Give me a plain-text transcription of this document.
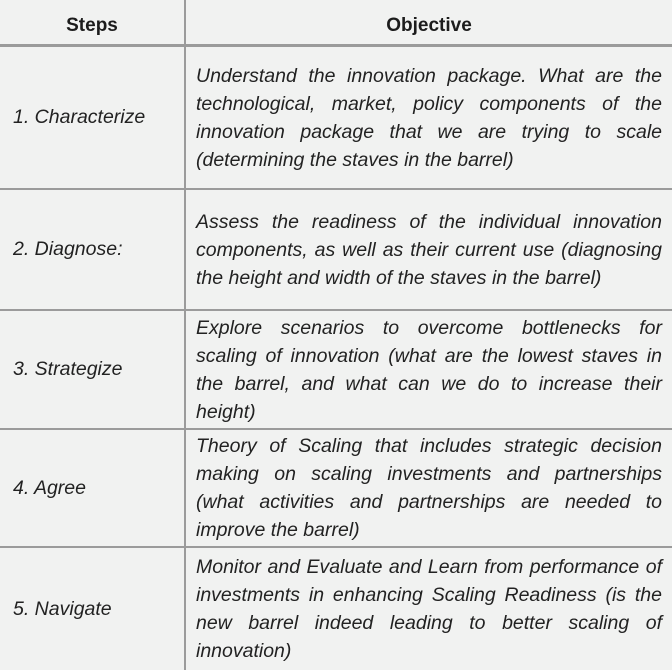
Steps	Objective
1. Characterize
Understand the innovation package. What are the technological, market, policy components of the innovation package that we are trying to scale (determining the staves in the barrel)
2. Diagnose:
Assess the readiness of the individual innovation components, as well as their current use (diagnosing the height and width of the staves in the barrel)
3. Strategize
Explore scenarios to overcome bottlenecks for scaling of innovation (what are the lowest staves in the barrel, and what can we do to increase their height)
4. Agree
Theory of Scaling that includes strategic decision making on scaling investments and partnerships (what activities and partnerships are needed to improve the barrel)
5. Navigate
Monitor and Evaluate and Learn from performance of investments in enhancing Scaling Readiness (is the new barrel indeed leading to better scaling of innovation)
